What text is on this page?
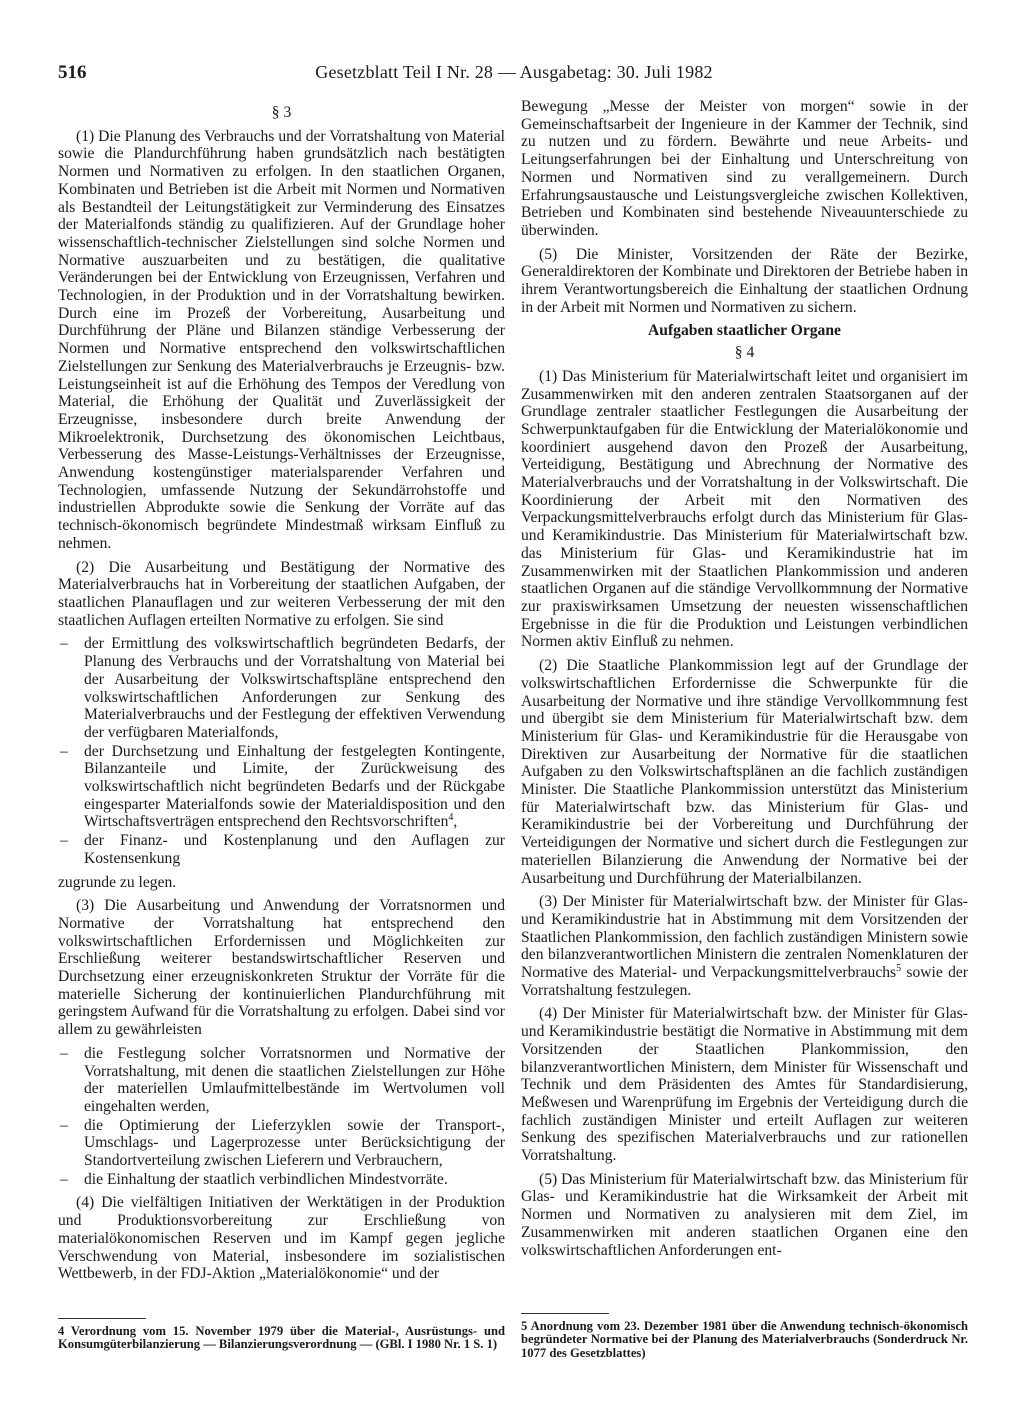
516	Gesetzblatt Teil I Nr. 28 — Ausgabetag: 30. Juli 1982
§ 3

(1) Die Planung des Verbrauchs und der Vorratshaltung von Material sowie die Plandurchführung haben grundsätzlich nach bestätigten Normen und Normativen zu erfolgen. In den staatlichen Organen, Kombinaten und Betrieben ist die Arbeit mit Normen und Normativen als Bestandteil der Leitungstätigkeit zur Verminderung des Einsatzes der Materialfonds ständig zu qualifizieren. Auf der Grundlage hoher wissenschaftlich-technischer Zielstellungen sind solche Normen und Normative auszuarbeiten und zu bestätigen, die qualitative Veränderungen bei der Entwicklung von Erzeugnissen, Verfahren und Technologien, in der Produktion und in der Vorratshaltung bewirken. Durch eine im Prozeß der Vorbereitung, Ausarbeitung und Durchführung der Pläne und Bilanzen ständige Verbesserung der Normen und Normative entsprechend den volkswirtschaftlichen Zielstellungen zur Senkung des Materialverbrauchs je Erzeugnis- bzw. Leistungseinheit ist auf die Erhöhung des Tempos der Veredlung von Material, die Erhöhung der Qualität und Zuverlässigkeit der Erzeugnisse, insbesondere durch breite Anwendung der Mikroelektronik, Durchsetzung des ökonomischen Leichtbaus, Verbesserung des Masse-Leistungs-Verhältnisses der Erzeugnisse, Anwendung kostengünstiger materialsparender Verfahren und Technologien, umfassende Nutzung der Sekundärrohstoffe und industriellen Abprodukte sowie die Senkung der Vorräte auf das technisch-ökonomisch begründete Mindestmaß wirksam Einfluß zu nehmen.

(2) Die Ausarbeitung und Bestätigung der Normative des Materialverbrauchs hat in Vorbereitung der staatlichen Aufgaben, der staatlichen Planauflagen und zur weiteren Verbesserung der mit den staatlichen Auflagen erteilten Normative zu erfolgen. Sie sind

– der Ermittlung des volkswirtschaftlich begründeten Bedarfs, der Planung des Verbrauchs und der Vorratshaltung von Material bei der Ausarbeitung der Volkswirtschaftspläne entsprechend den volkswirtschaftlichen Anforderungen zur Senkung des Materialverbrauchs und der Festlegung der effektiven Verwendung der verfügbaren Materialfonds,
– der Durchsetzung und Einhaltung der festgelegten Kontingente, Bilanzanteile und Limite, der Zurückweisung des volkswirtschaftlich nicht begründeten Bedarfs und der Rückgabe eingesparter Materialfonds sowie der Materialdisposition und den Wirtschaftsverträgen entsprechend den Rechtsvorschriften$^4$,
– der Finanz- und Kostenplanung und den Auflagen zur Kostensenkung

zugrunde zu legen.

(3) Die Ausarbeitung und Anwendung der Vorratsnormen und Normative der Vorratshaltung hat entsprechend den volkswirtschaftlichen Erfordernissen und Möglichkeiten zur Erschließung weiterer bestandswirtschaftlicher Reserven und Durchsetzung einer erzeugniskonkreten Struktur der Vorräte für die materielle Sicherung der kontinuierlichen Plandurchführung mit geringstem Aufwand für die Vorratshaltung zu erfolgen. Dabei sind vor allem zu gewährleisten

– die Festlegung solcher Vorratsnormen und Normative der Vorratshaltung, mit denen die staatlichen Zielstellungen zur Höhe der materiellen Umlaufmittelbestände im Wertvolumen voll eingehalten werden,
– die Optimierung der Lieferzyklen sowie der Transport-, Umschlags- und Lagerprozesse unter Berücksichtigung der Standortverteilung zwischen Lieferern und Verbrauchern,
– die Einhaltung der staatlich verbindlichen Mindestvorräte.

(4) Die vielfältigen Initiativen der Werktätigen in der Produktion und Produktionsvorbereitung zur Erschließung von materialökonomischen Reserven und im Kampf gegen jegliche Verschwendung von Material, insbesondere im sozialistischen Wettbewerb, in der FDJ-Aktion „Materialökonomie“ und der

4 Verordnung vom 15. November 1979 über die Material-, Ausrüstungs- und Konsumgüterbilanzierung — Bilanzierungsverordnung — (GBl. I 1980 Nr. 1 S. 1)

Bewegung „Messe der Meister von morgen“ sowie in der Gemeinschaftsarbeit der Ingenieure in der Kammer der Technik, sind zu nutzen und zu fördern. Bewährte und neue Arbeits- und Leitungserfahrungen bei der Einhaltung und Unterschreitung von Normen und Normativen sind zu verallgemeinern. Durch Erfahrungsaustausche und Leistungsvergleiche zwischen Kollektiven, Betrieben und Kombinaten sind bestehende Niveauunterschiede zu überwinden.

(5) Die Minister, Vorsitzenden der Räte der Bezirke, Generaldirektoren der Kombinate und Direktoren der Betriebe haben in ihrem Verantwortungsbereich die Einhaltung der staatlichen Ordnung in der Arbeit mit Normen und Normativen zu sichern.

Aufgaben staatlicher Organe
§ 4

(1) Das Ministerium für Materialwirtschaft leitet und organisiert im Zusammenwirken mit den anderen zentralen Staatsorganen auf der Grundlage zentraler staatlicher Festlegungen die Ausarbeitung der Schwerpunktaufgaben für die Entwicklung der Materialökonomie und koordiniert ausgehend davon den Prozeß der Ausarbeitung, Verteidigung, Bestätigung und Abrechnung der Normative des Materialverbrauchs und der Vorratshaltung in der Volkswirtschaft. Die Koordinierung der Arbeit mit den Normativen des Verpackungsmittelverbrauchs erfolgt durch das Ministerium für Glas- und Keramikindustrie. Das Ministerium für Materialwirtschaft bzw. das Ministerium für Glas- und Keramikindustrie hat im Zusammenwirken mit der Staatlichen Plankommission und anderen staatlichen Organen auf die ständige Vervollkommnung der Normative zur praxiswirksamen Umsetzung der neuesten wissenschaftlichen Ergebnisse in die für die Produktion und Leistungen verbindlichen Normen aktiv Einfluß zu nehmen.

(2) Die Staatliche Plankommission legt auf der Grundlage der volkswirtschaftlichen Erfordernisse die Schwerpunkte für die Ausarbeitung der Normative und ihre ständige Vervollkommnung fest und übergibt sie dem Ministerium für Materialwirtschaft bzw. dem Ministerium für Glas- und Keramikindustrie für die Herausgabe von Direktiven zur Ausarbeitung der Normative für die staatlichen Aufgaben zu den Volkswirtschaftsplänen an die fachlich zuständigen Minister. Die Staatliche Plankommission unterstützt das Ministerium für Materialwirtschaft bzw. das Ministerium für Glas- und Keramikindustrie bei der Vorbereitung und Durchführung der Verteidigungen der Normative und sichert durch die Festlegungen zur materiellen Bilanzierung die Anwendung der Normative bei der Ausarbeitung und Durchführung der Materialbilanzen.

(3) Der Minister für Materialwirtschaft bzw. der Minister für Glas- und Keramikindustrie hat in Abstimmung mit dem Vorsitzenden der Staatlichen Plankommission, den fachlich zuständigen Ministern sowie den bilanzverantwortlichen Ministern die zentralen Nomenklaturen der Normative des Material- und Verpackungsmittelverbrauchs$^5$ sowie der Vorratshaltung festzulegen.

(4) Der Minister für Materialwirtschaft bzw. der Minister für Glas- und Keramikindustrie bestätigt die Normative in Abstimmung mit dem Vorsitzenden der Staatlichen Plankommission, den bilanzverantwortlichen Ministern, dem Minister für Wissenschaft und Technik und dem Präsidenten des Amtes für Standardisierung, Meßwesen und Warenprüfung im Ergebnis der Verteidigung durch die fachlich zuständigen Minister und erteilt Auflagen zur weiteren Senkung des spezifischen Materialverbrauchs und zur rationellen Vorratshaltung.

(5) Das Ministerium für Materialwirtschaft bzw. das Ministerium für Glas- und Keramikindustrie hat die Wirksamkeit der Arbeit mit Normen und Normativen zu analysieren mit dem Ziel, im Zusammenwirken mit anderen staatlichen Organen eine den volkswirtschaftlichen Anforderungen ent-

5 Anordnung vom 23. Dezember 1981 über die Anwendung technisch-ökonomisch begründeter Normative bei der Planung des Materialverbrauchs (Sonderdruck Nr. 1077 des Gesetzblattes)
